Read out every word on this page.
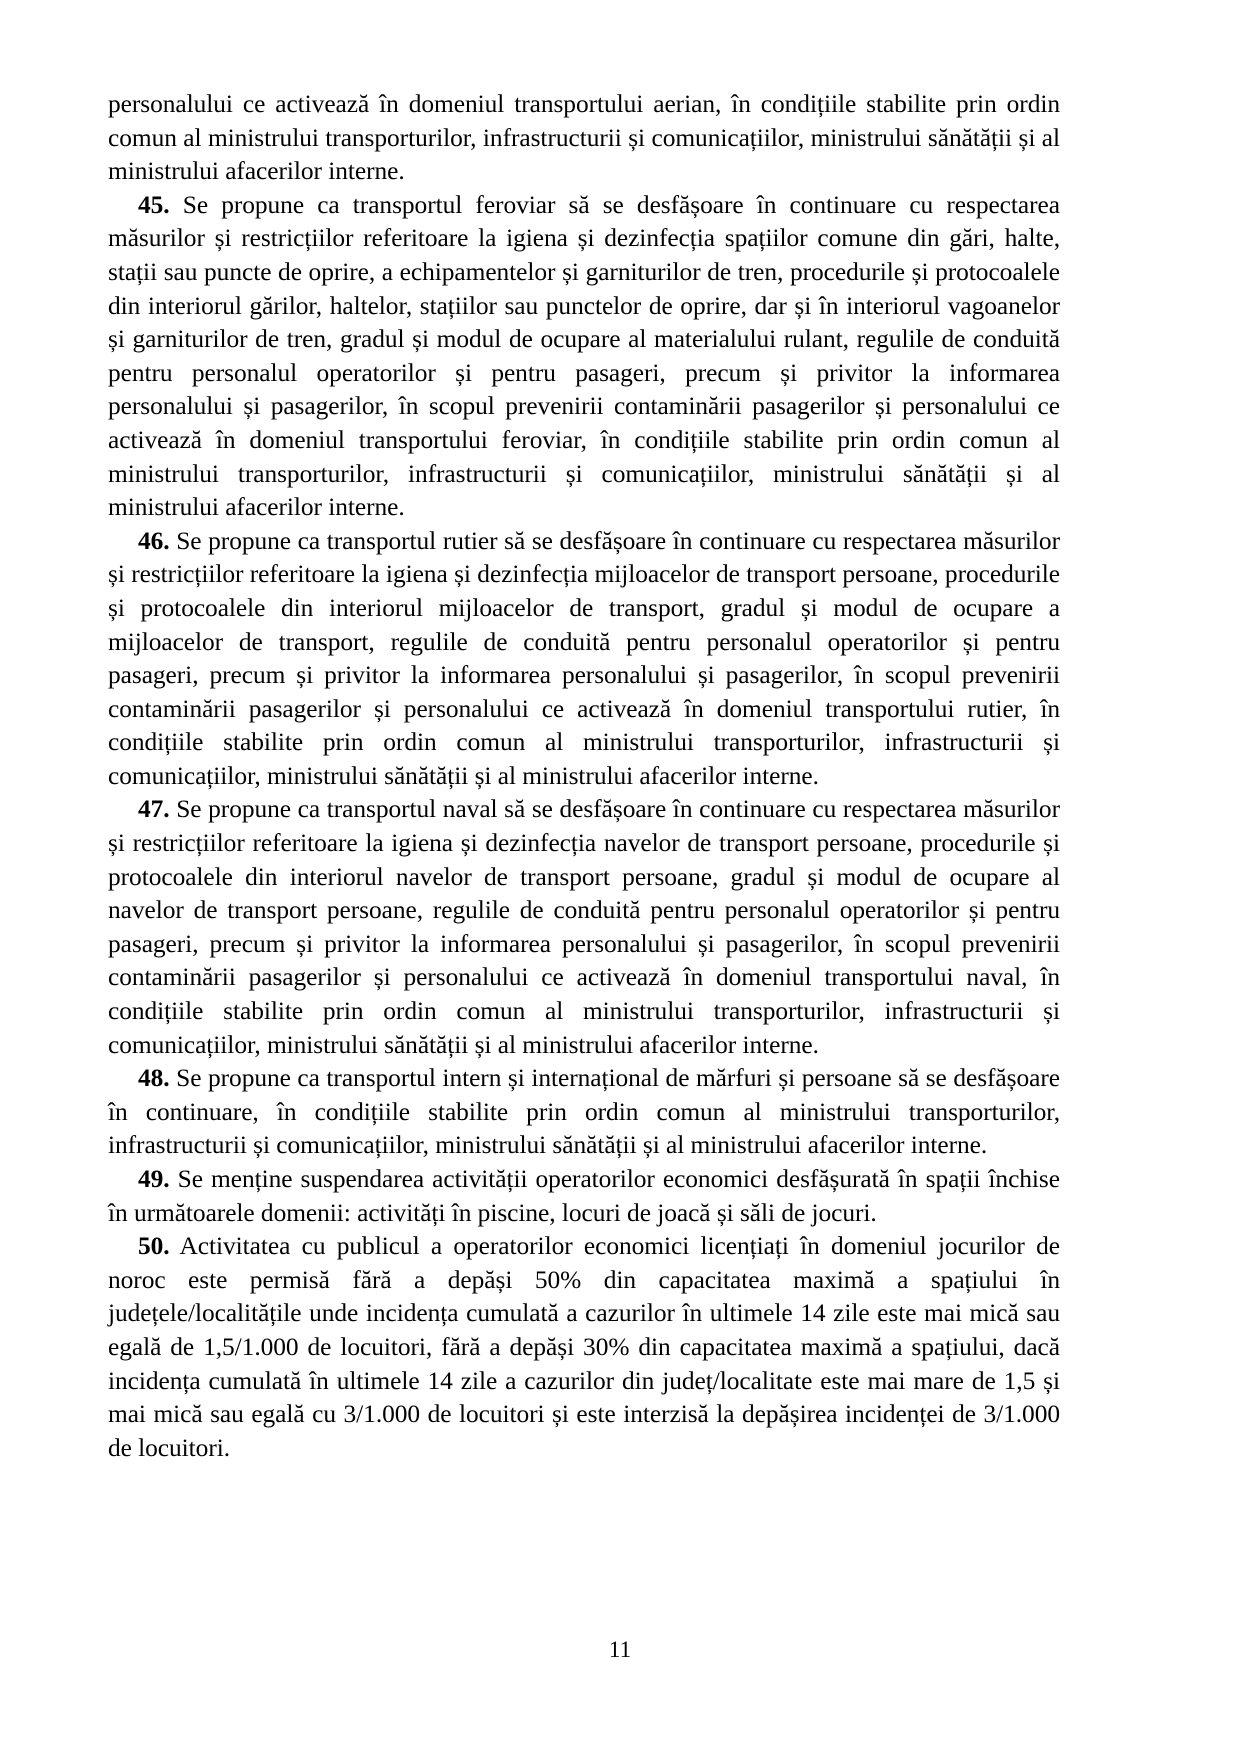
personalului ce activează în domeniul transportului aerian, în condițiile stabilite prin ordin comun al ministrului transporturilor, infrastructurii și comunicațiilor, ministrului sănătății și al ministrului afacerilor interne.

45. Se propune ca transportul feroviar să se desfășoare în continuare cu respectarea măsurilor și restricțiilor referitoare la igiena și dezinfecția spațiilor comune din gări, halte, stații sau puncte de oprire, a echipamentelor și garniturilor de tren, procedurile și protocoalele din interiorul gărilor, haltelor, stațiilor sau punctelor de oprire, dar și în interiorul vagoanelor și garniturilor de tren, gradul și modul de ocupare al materialului rulant, regulile de conduită pentru personalul operatorilor și pentru pasageri, precum și privitor la informarea personalului și pasagerilor, în scopul prevenirii contaminării pasagerilor și personalului ce activează în domeniul transportului feroviar, în condițiile stabilite prin ordin comun al ministrului transporturilor, infrastructurii și comunicațiilor, ministrului sănătății și al ministrului afacerilor interne.

46. Se propune ca transportul rutier să se desfășoare în continuare cu respectarea măsurilor și restricțiilor referitoare la igiena și dezinfecția mijloacelor de transport persoane, procedurile și protocoalele din interiorul mijloacelor de transport, gradul și modul de ocupare a mijloacelor de transport, regulile de conduită pentru personalul operatorilor și pentru pasageri, precum și privitor la informarea personalului și pasagerilor, în scopul prevenirii contaminării pasagerilor și personalului ce activează în domeniul transportului rutier, în condițiile stabilite prin ordin comun al ministrului transporturilor, infrastructurii și comunicațiilor, ministrului sănătății și al ministrului afacerilor interne.

47. Se propune ca transportul naval să se desfășoare în continuare cu respectarea măsurilor și restricțiilor referitoare la igiena și dezinfecția navelor de transport persoane, procedurile și protocoalele din interiorul navelor de transport persoane, gradul și modul de ocupare al navelor de transport persoane, regulile de conduită pentru personalul operatorilor și pentru pasageri, precum și privitor la informarea personalului și pasagerilor, în scopul prevenirii contaminării pasagerilor și personalului ce activează în domeniul transportului naval, în condițiile stabilite prin ordin comun al ministrului transporturilor, infrastructurii și comunicațiilor, ministrului sănătății și al ministrului afacerilor interne.

48. Se propune ca transportul intern și internațional de mărfuri și persoane să se desfășoare în continuare, în condițiile stabilite prin ordin comun al ministrului transporturilor, infrastructurii și comunicațiilor, ministrului sănătății și al ministrului afacerilor interne.

49. Se menține suspendarea activității operatorilor economici desfășurată în spații închise în următoarele domenii: activități în piscine, locuri de joacă și săli de jocuri.

50. Activitatea cu publicul a operatorilor economici licențiați în domeniul jocurilor de noroc este permisă fără a depăși 50% din capacitatea maximă a spațiului în județele/localitățile unde incidența cumulată a cazurilor în ultimele 14 zile este mai mică sau egală de 1,5/1.000 de locuitori, fără a depăși 30% din capacitatea maximă a spațiului, dacă incidența cumulată în ultimele 14 zile a cazurilor din județ/localitate este mai mare de 1,5 și mai mică sau egală cu 3/1.000 de locuitori și este interzisă la depășirea incidenței de 3/1.000 de locuitori.

11
